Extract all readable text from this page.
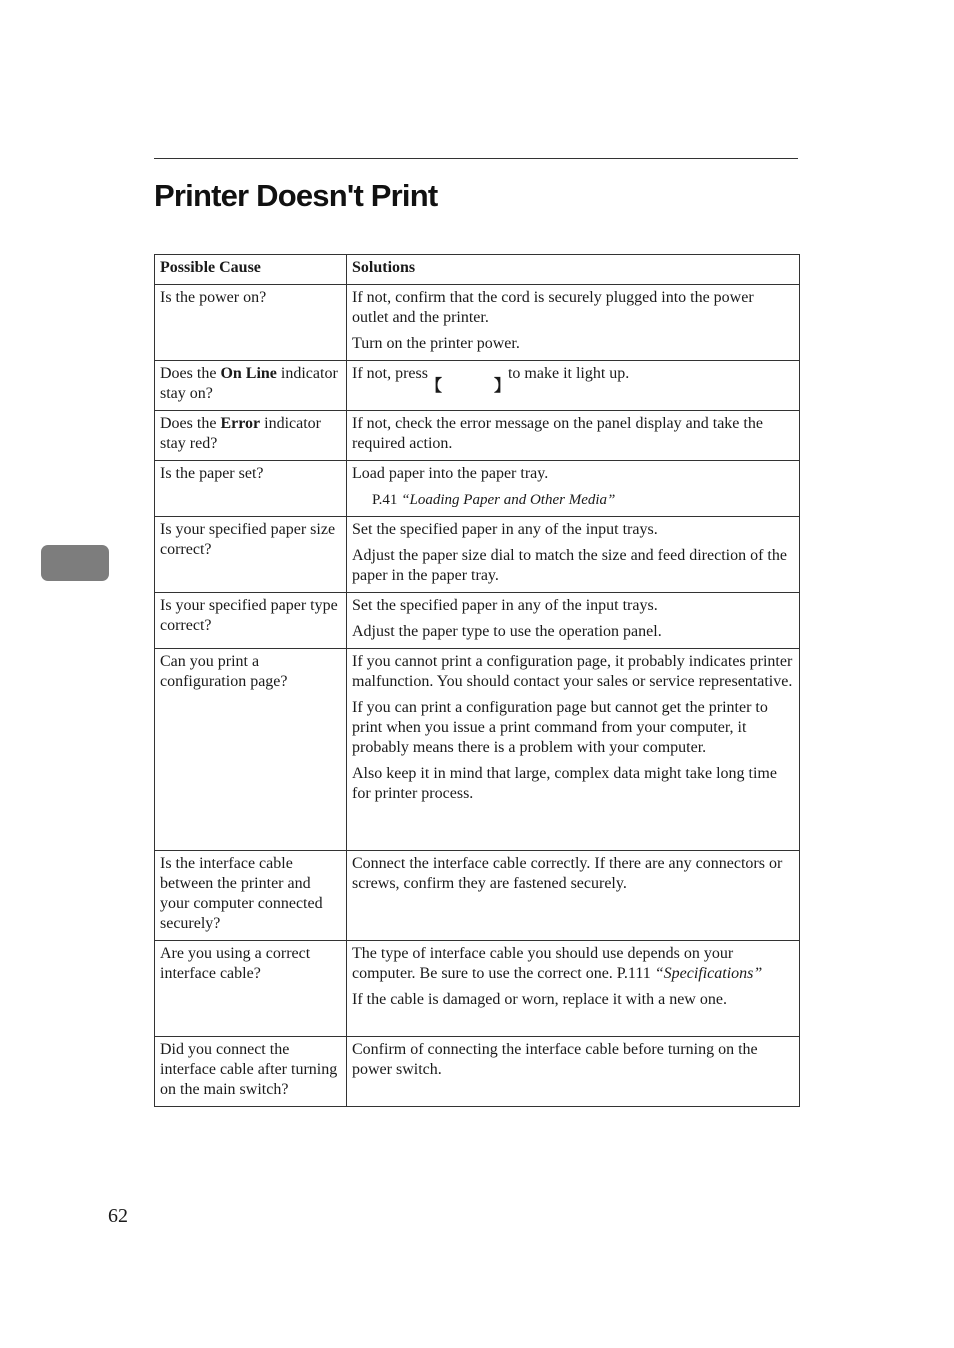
Printer Doesn't Print
Possible Cause	Solutions
Is the power on?	If not, confirm that the cord is securely plugged into the power outlet and the printer.

Turn on the printer power.

Does the On Line indicator stay on?	If not, press to make it light up.
Does the Error indicator stay red?	If not, check the error message on the panel display and take the required action.

Is the paper set?	Load paper into the paper tray.

P.41 “Loading Paper and Other Media”

Is your specified paper size correct?	Set the specified paper in any of the input trays.

Adjust the paper size dial to match the size and feed direction of the paper in the paper tray.

Is your specified paper type correct?	Set the specified paper in any of the input trays.

Adjust the paper type to use the operation panel.

Can you print a configuration page?	If you cannot print a configuration page, it probably indicates printer malfunction. You should contact your sales or service representative.

If you can print a configuration page but cannot get the printer to print when you issue a print command from your computer, it probably means there is a problem with your computer.

Also keep it in mind that large, complex data might take long time for printer process.

Is the interface cable between the printer and your computer connected securely?	Connect the interface cable correctly. If there are any connectors or screws, confirm they are fastened securely.

Are you using a correct interface cable?	The type of interface cable you should use depends on your computer. Be sure to use the correct one. P.111 “Specifications”

If the cable is damaged or worn, replace it with a new one.

Did you connect the interface cable after turning on the main switch?	Confirm of connecting the interface cable before turning on the power switch.

62
